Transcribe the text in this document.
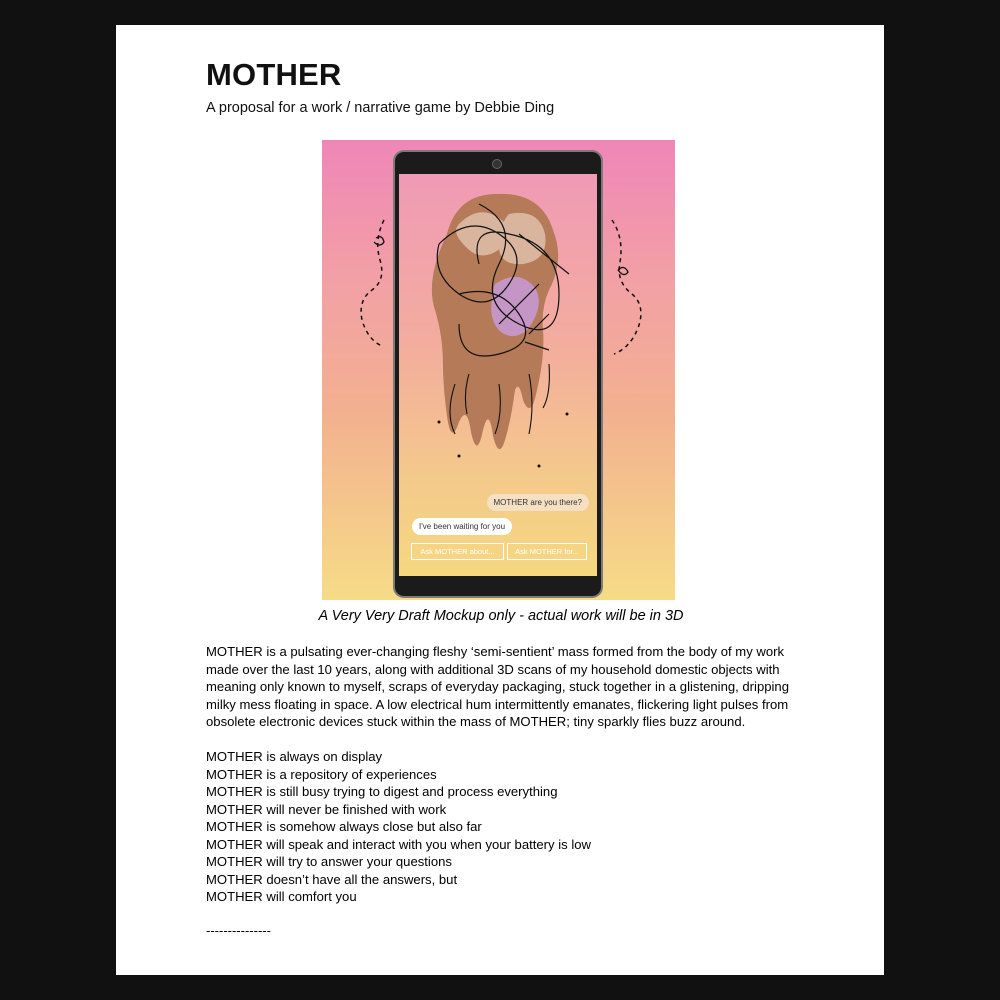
MOTHER
A proposal for a work / narrative game by Debbie Ding
MOTHER are you there?
I've been waiting for you
Ask MOTHER about...	Ask MOTHER for...
A Very Very Draft Mockup only - actual work will be in 3D

MOTHER is a pulsating ever-changing fleshy ‘semi-sentient’ mass formed from the body of my work made over the last 10 years, along with additional 3D scans of my household domestic objects with meaning only known to myself, scraps of everyday packaging, stuck together in a glistening, dripping milky mess floating in space. A low electrical hum intermittently emanates, flickering light pulses from obsolete electronic devices stuck within the mass of MOTHER; tiny sparkly flies buzz around.

MOTHER is always on display
MOTHER is a repository of experiences
MOTHER is still busy trying to digest and process everything
MOTHER will never be finished with work
MOTHER is somehow always close but also far
MOTHER will speak and interact with you when your battery is low
MOTHER will try to answer your questions
MOTHER doesn’t have all the answers, but
MOTHER will comfort you
---------------
